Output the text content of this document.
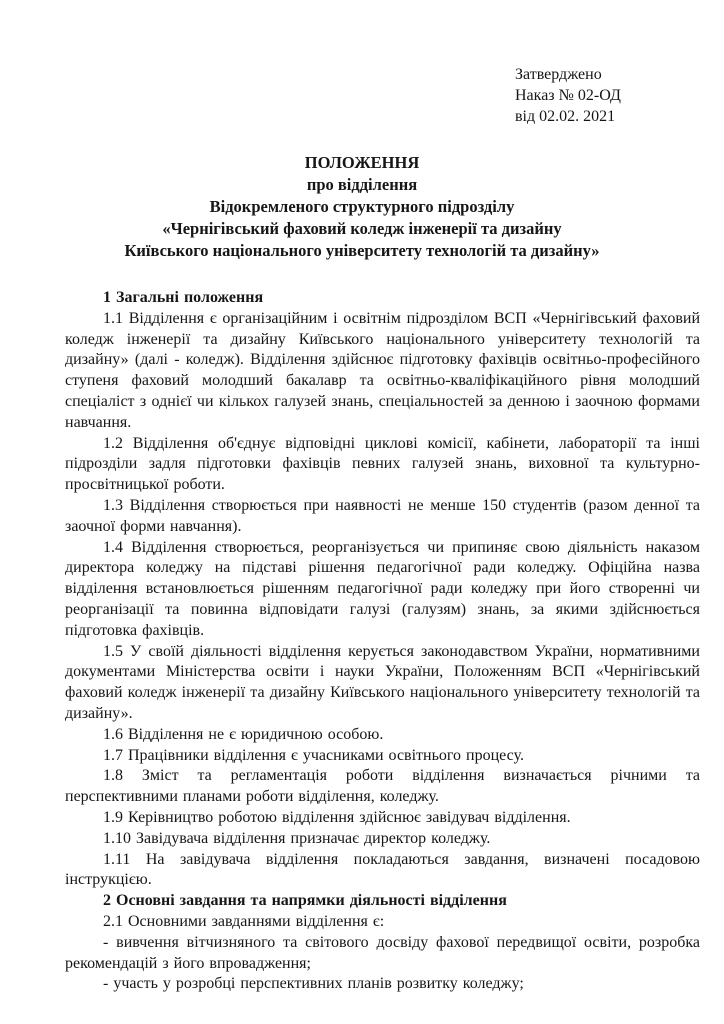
Затверджено
Наказ № 02-ОД
від 02.02. 2021
ПОЛОЖЕННЯ
про відділення
Відокремленого структурного підрозділу
«Чернігівський фаховий коледж інженерії та дизайну
Київського національного університету технологій та дизайну»

1 Загальні положення

1.1 Відділення є організаційним і освітнім підрозділом ВСП «Чернігівський фаховий коледж інженерії та дизайну Київського національного університету технологій та дизайну» (далі - коледж). Відділення здійснює підготовку фахівців освітньо-професійного ступеня фаховий молодший бакалавр та освітньо-кваліфікаційного рівня молодший спеціаліст з однієї чи кількох галузей знань, спеціальностей за денною і заочною формами навчання.

1.2 Відділення об'єднує відповідні циклові комісії, кабінети, лабораторії та інші підрозділи задля підготовки фахівців певних галузей знань, виховної та культурно-просвітницької роботи.

1.3 Відділення створюється при наявності не менше 150 студентів (разом денної та заочної форми навчання).

1.4 Відділення створюється, реорганізується чи припиняє свою діяльність наказом директора коледжу на підставі рішення педагогічної ради коледжу. Офіційна назва відділення встановлюється рішенням педагогічної ради коледжу при його створенні чи реорганізації та повинна відповідати галузі (галузям) знань, за якими здійснюється підготовка фахівців.

1.5 У своїй діяльності відділення керується законодавством України, нормативними документами Міністерства освіти і науки України, Положенням ВСП «Чернігівський фаховий коледж інженерії та дизайну Київського національного університету технологій та дизайну».

1.6 Відділення не є юридичною особою.

1.7 Працівники відділення є учасниками освітнього процесу.

1.8 Зміст та регламентація роботи відділення визначається річними та перспективними планами роботи відділення, коледжу.

1.9 Керівництво роботою відділення здійснює завідувач відділення.

1.10 Завідувача відділення призначає директор коледжу.

1.11 На завідувача відділення покладаються завдання, визначені посадовою інструкцією.

2 Основні завдання та напрямки діяльності відділення

2.1 Основними завданнями відділення є:

- вивчення вітчизняного та світового досвіду фахової передвищої освіти, розробка рекомендацій з його впровадження;

- участь у розробці перспективних планів розвитку коледжу;
